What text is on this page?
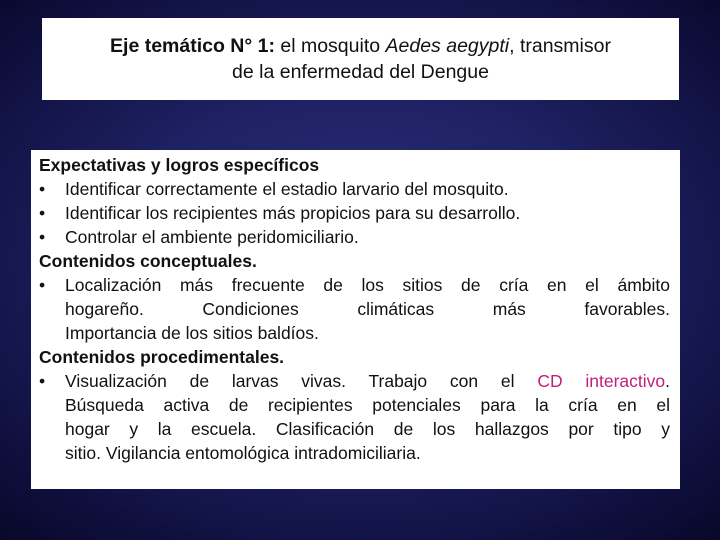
Eje temático N° 1: el mosquito Aedes aegypti, transmisor
de la enfermedad del Dengue
Expectativas y logros específicos
•	Identificar correctamente el estadio larvario del mosquito.
•	Identificar los recipientes más propicios para su desarrollo.
•	Controlar el ambiente peridomiciliario.
Contenidos conceptuales.
•	Localización más frecuente de los sitios de cría en el ámbito
hogareño. Condiciones climáticas más favorables.
Importancia de los sitios baldíos.
Contenidos procedimentales.
•	Visualización de larvas vivas. Trabajo con el CD interactivo.
Búsqueda activa de recipientes potenciales para la cría en el
hogar y la escuela. Clasificación de los hallazgos por tipo y
sitio. Vigilancia entomológica intradomiciliaria.
